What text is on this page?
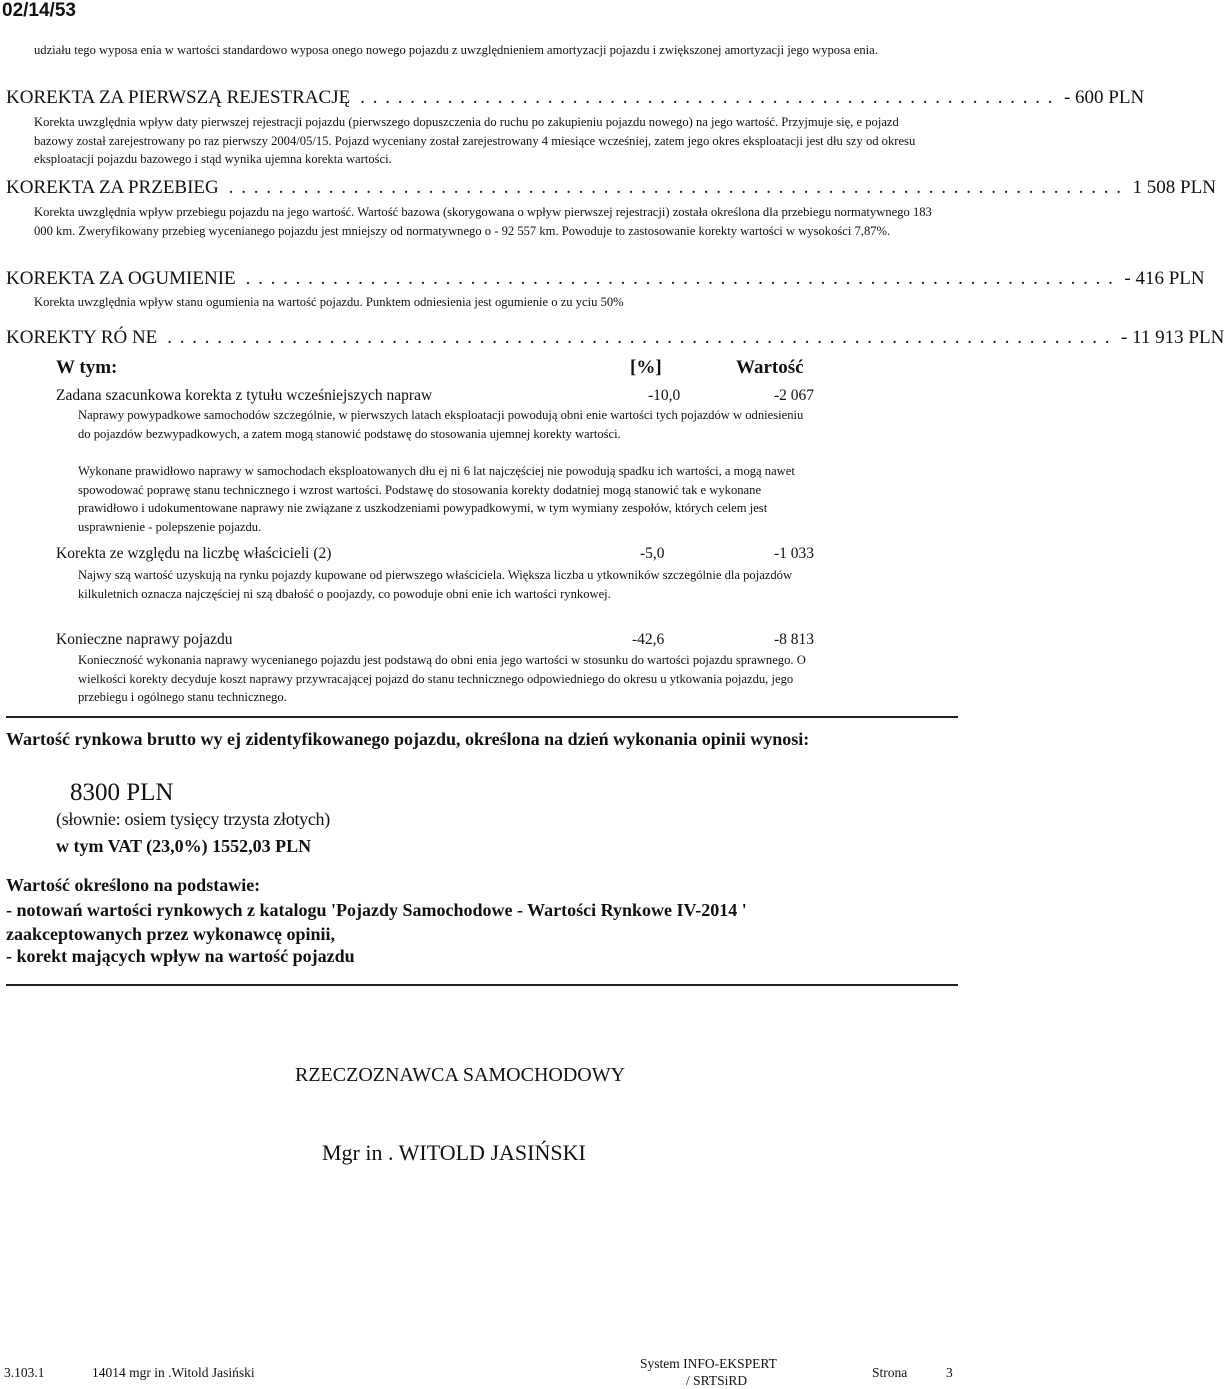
02/14/53
udziału tego wyposa enia w wartości standardowo wyposa onego nowego pojazdu z uwzględnieniem amortyzacji pojazdu i zwiększonej amortyzacji jego wyposa enia.
KOREKTA ZA PIERWSZĄ REJESTRACJĘ . . . . . . . . . . . . . . . . . . . . . . . . . . . . . . . . . . . . . . . . . . . . . . . . . . . . . . . . - 600 PLN
Korekta uwzględnia wpływ daty pierwszej rejestracji pojazdu (pierwszego dopuszczenia do ruchu po zakupieniu pojazdu nowego) na jego wartość. Przyjmuje się, e pojazd bazowy został zarejestrowany po raz pierwszy 2004/05/15. Pojazd wyceniany został zarejestrowany 4 miesiące wcześniej, zatem jego okres eksploatacji jest dłu szy od okresu eksploatacji pojazdu bazowego i stąd wynika ujemna korekta wartości.
KOREKTA ZA PRZEBIEG . . . . . . . . . . . . . . . . . . . . . . . . . . . . . . . . . . . . . . . . . . . . . . . . . . . . . . . . . . . . . . . . . . . . . . . . 1 508 PLN
Korekta uwzględnia wpływ przebiegu pojazdu na jego wartość. Wartość bazowa (skorygowana o wpływ pierwszej rejestracji) została określona dla przebiegu normatywnego 183 000 km. Zweryfikowany przebieg wycenianego pojazdu jest mniejszy od normatywnego o - 92 557 km. Powoduje to zastosowanie korekty wartości w wysokości 7,87%.
KOREKTA ZA OGUMIENIE . . . . . . . . . . . . . . . . . . . . . . . . . . . . . . . . . . . . . . . . . . . . . . . . . . . . . . . . . . . . . . . . . . . . . . - 416 PLN
Korekta uwzględnia wpływ stanu ogumienia na wartość pojazdu. Punktem odniesienia jest ogumienie o zu yciu 50%
KOREKTY RÓ NE . . . . . . . . . . . . . . . . . . . . . . . . . . . . . . . . . . . . . . . . . . . . . . . . . . . . . . . . . . . . . . . . . . . . . . . . . . . . - 11 913 PLN
W tym:	[%]	Wartość
Zadana szacunkowa korekta z tytułu wcześniejszych napraw	-10,0	-2 067
Naprawy powypadkowe samochodów szczególnie, w pierwszych latach eksploatacji powodują obni enie wartości tych pojazdów w odniesieniu do pojazdów bezwypadkowych, a zatem mogą stanowić podstawę do stosowania ujemnej korekty wartości.
Wykonane prawidłowo naprawy w samochodach eksploatowanych dłu ej ni 6 lat najczęściej nie powodują spadku ich wartości, a mogą nawet spowodować poprawę stanu technicznego i wzrost wartości. Podstawę do stosowania korekty dodatniej mogą stanowić tak e wykonane prawidłowo i udokumentowane naprawy nie związane z uszkodzeniami powypadkowymi, w tym wymiany zespołów, których celem jest usprawnienie - polepszenie pojazdu.
Korekta ze względu na liczbę właścicieli (2)	-5,0	-1 033
Najwy szą wartość uzyskują na rynku pojazdy kupowane od pierwszego właściciela. Większa liczba u ytkowników szczególnie dla pojazdów kilkuletnich oznacza najczęściej ni szą dbałość o poojazdy, co powoduje obni enie ich wartości rynkowej.
Konieczne naprawy pojazdu	-42,6	-8 813
Konieczność wykonania naprawy wycenianego pojazdu jest podstawą do obni enia jego wartości w stosunku do wartości pojazdu sprawnego. O wielkości korekty decyduje koszt naprawy przywracającej pojazd do stanu technicznego odpowiedniego do okresu u ytkowania pojazdu, jego przebiegu i ogólnego stanu technicznego.
Wartość rynkowa brutto wy ej zidentyfikowanego pojazdu, określona na dzień wykonania opinii wynosi:
8300 PLN
(słownie: osiem tysięcy trzysta złotych)
w tym VAT (23,0%) 1552,03 PLN
Wartość określono na podstawie:
- notowań wartości rynkowych z katalogu 'Pojazdy Samochodowe - Wartości Rynkowe IV-2014 ' zaakceptowanych przez wykonawcę opinii,
- korekt mających wpływ na wartość pojazdu
RZECZOZNAWCA SAMOCHODOWY
Mgr in . WITOLD JASIŃSKI
3.103.1	14014 mgr in .Witold Jasiński
System INFO-EKSPERT
/ SRTSiRD
Strona	3
